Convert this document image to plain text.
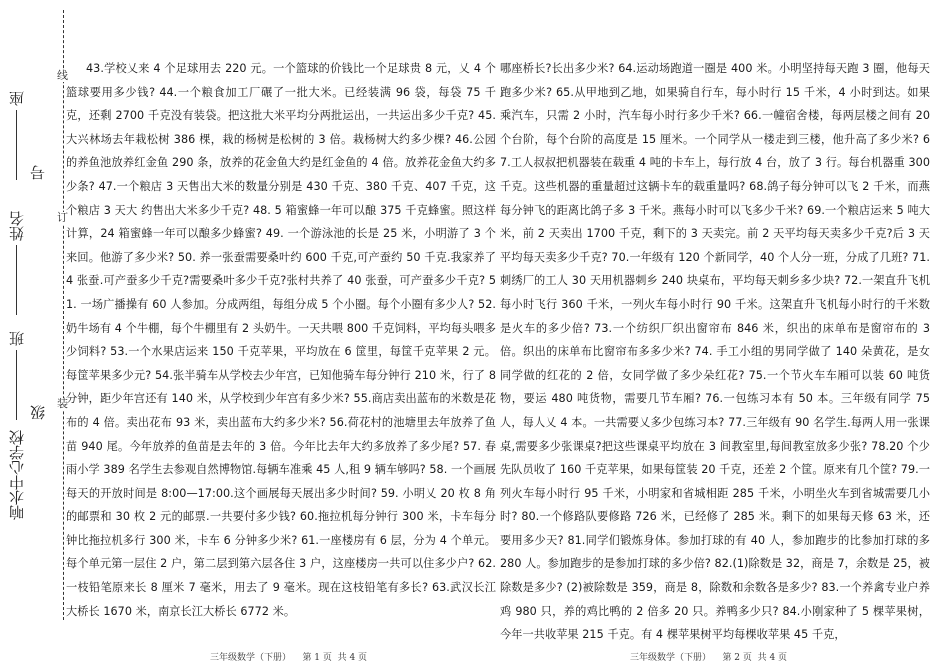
线
订
装
座号
姓名
班级
响水中心学校
43.学校乂来 4 个足球用去 220 元。一个篮球的价钱比一个足球贵 8 元，乂 4 个篮球要用多少钱? 44.一个粮食加工厂碾了一批大米。已经装满 96 袋，每袋 75 千克，还剩 2700 千克没有装袋。把这批大米平均分两批运出，一共运出多少千克? 45.大兴林场去年栽松树 386 棵，栽的杨树是松树的 3 倍。栽杨树大约多少棵? 46.公园的养鱼池放养红金鱼 290 条，放养的花金鱼大约是红金鱼的 4 倍。放养花金鱼大约多少条? 47.一个粮店 3 天售出大米的数量分别是 430 千克、380 千克、407 千克，这个粮店 3 天大 约售出大米多少千克? 48. 5 箱蜜蜂一年可以酿 375 千克蜂蜜。照这样计算，24 箱蜜蜂一年可以酿多少蜂蜜? 49. 一个游泳池的长是 25 米，小明游了 3 个来回。他游了多少米? 50. 养一张蚕需要桑叶约 600 千克,可产蚕约 50 千克.我家养了 4 张蚕.可产蚕多少千克?需要桑叶多少千克?张村共养了 40 张蚕，可产蚕多少千克? 51. 一场广播操有 60 人参加。分成两组，每组分成 5 个小圈。每个小圈有多少人? 52. 奶牛场有 4 个牛棚，每个牛棚里有 2 头奶牛。一天共喂 800 千克饲料，平均每头喂多少饲料? 53.一个水果店运来 150 千克苹果，平均放在 6 筐里，每筐千克苹果 2 元。每筐苹果多少元? 54.张半骑车从学校去少年宫，已知他骑车每分钟行 210 米，行了 8 分钟，距少年宫还有 140 米，从学校到少年宫有多少米? 55.商店卖出蓝布的米数是花布的 4 倍。卖出花布 93 米，卖出蓝布大约多少米? 56.荷花村的池塘里去年放养了鱼苗 940 尾。今年放养的鱼苗是去年的 3 倍。今年比去年大约多放养了多少尾? 57. 春雨小学 389 名学生去参观自然博物馆.每辆车准乘 45 人,租 9 辆车够吗? 58. 一个画展每天的开放时间是 8:00—17:00.这个画展每天展出多少时间? 59. 小明乂 20 枚 8 角的邮票和 30 枚 2 元的邮票.一共要付多少钱? 60.拖拉机每分钟行 300 米，卡车每分钟比拖拉机多行 300 米，卡车 6 分钟多少米? 61.一座楼房有 6 层，分为 4 个单元。每个单元第一层住 2 户，第二层到第六层各住 3 户，这座楼房一共可以住多少户? 62.一枝铅笔原来长 8 厘米 7 毫米，用去了 9 毫米。现在这枝铅笔有多长? 63.武汉长江大桥长 1670 米，南京长江大桥长 6772 米。
哪座桥长?长出多少米? 64.运动场跑道一圈是 400 米。小明坚持每天跑 3 圈，他每天跑多少米? 65.从甲地到乙地，如果骑自行车，每小时行 15 千米，4 小时到达。如果乘汽车，只需 2 小时，汽车每小时行多少千米? 66.一幢宿舍楼，每两层楼之间有 20 个台阶，每个台阶的高度是 15 厘米。一个同学从一楼走到三楼，他升高了多少米? 67.工人叔叔把机器装在载重 4 吨的卡车上，每行放 4 台，放了 3 行。每台机器重 300 千克。这些机器的重量超过这辆卡车的载重量吗? 68.鸽子每分钟可以飞 2 千米，而燕每分钟飞的距离比鸽子多 3 千米。燕每小时可以飞多少千米? 69.一个粮店运来 5 吨大米，前 2 天卖出 1700 千克，剩下的 3 天卖完。前 2 天平均每天卖多少千克?后 3 天平均每天卖多少千克? 70.一年级有 120 个新同学，40 个人分一班，分成了几班? 71. 刺绣厂的工人 30 天用机器刺乡 240 块桌布，平均每天刺乡多少块? 72.一架直升飞机每小时飞行 360 千米，一列火车每小时行 90 千米。这架直升飞机每小时行的千米数是火车的多少倍? 73.一个纺织厂织出窗帘布 846 米，织出的床单布是窗帘布的 3 倍。织出的床单布比窗帘布多多少米? 74. 手工小组的男同学做了 140 朵黄花，是女同学做的红花的 2 倍，女同学做了多少朵红花? 75.一个节火车车厢可以装 60 吨货物，要运 480 吨货物，需要几节车厢? 76.一包练习本有 50 本。三年级有同学 75 人，每人乂 4 本。一共需要乂多少包练习本? 77.三年级有 90 名学生.每两人用一张课桌,需要多少张课桌?把这些课桌平均放在 3 间教室里,每间教室放多少张? 78.20 个少先队员收了 160 千克苹果，如果每筐装 20 千克，还差 2 个筐。原来有几个筐? 79.一列火车每小时行 95 千米，小明家和省城相距 285 千米，小明坐火车到省城需要几小时? 80.一个修路队要修路 726 米，已经修了 285 米。剩下的如果每天修 63 米，还要用多少天? 81.同学们锻炼身体。参加打球的有 40 人，参加跑步的比参加打球的多 280 人。参加跑步的是参加打球的多少倍? 82.(1)除数是 32，商是 7，余数是 25，被除数是多少? (2)被除数是 359，商是 8，除数和余数各是多少? 83.一个养禽专业户养鸡 980 只，养的鸡比鸭的 2 倍多 20 只。养鸭多少只? 84.小刚家种了 5 棵苹果树，今年一共收苹果 215 千克。有 4 棵苹果树平均每棵收苹果 45 千克，
三年级数学（下册）    第 1 页  共 4 页	三年级数学（下册）    第 2 页  共 4 页
